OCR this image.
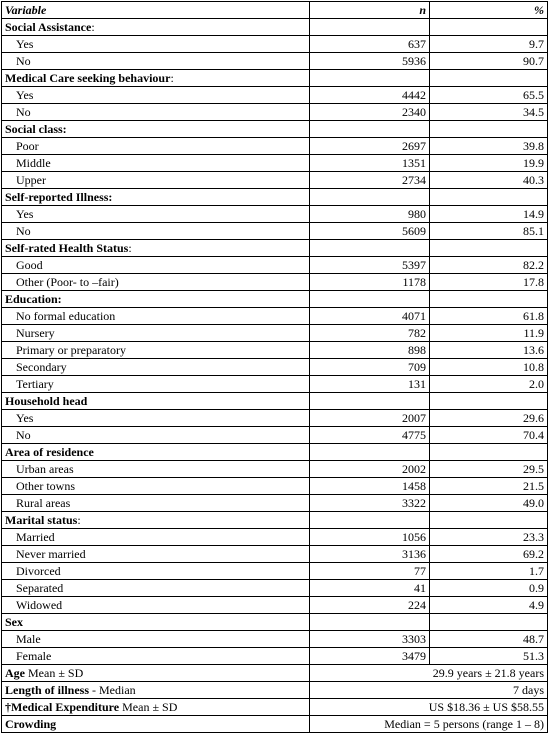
Variable	n	%
Social Assistance:		
Yes	637	9.7
No	5936	90.7
Medical Care seeking behaviour:		
Yes	4442	65.5
No	2340	34.5
Social class:		
Poor	2697	39.8
Middle	1351	19.9
Upper	2734	40.3
Self-reported Illness:		
Yes	980	14.9
No	5609	85.1
Self-rated Health Status:		
Good	5397	82.2
Other (Poor- to –fair)	1178	17.8
Education:		
No formal education	4071	61.8
Nursery	782	11.9
Primary or preparatory	898	13.6
Secondary	709	10.8
Tertiary	131	2.0
Household head		
Yes	2007	29.6
No	4775	70.4
Area of residence		
Urban areas	2002	29.5
Other towns	1458	21.5
Rural areas	3322	49.0
Marital status:		
Married	1056	23.3
Never married	3136	69.2
Divorced	77	1.7
Separated	41	0.9
Widowed	224	4.9
Sex		
Male	3303	48.7
Female	3479	51.3
Age Mean ± SD	29.9 years ± 21.8 years	
Length of illness - Median	7 days	
†Medical Expenditure Mean ± SD	US $18.36 ± US $58.55	
Crowding	Median = 5 persons (range 1 – 8)	
